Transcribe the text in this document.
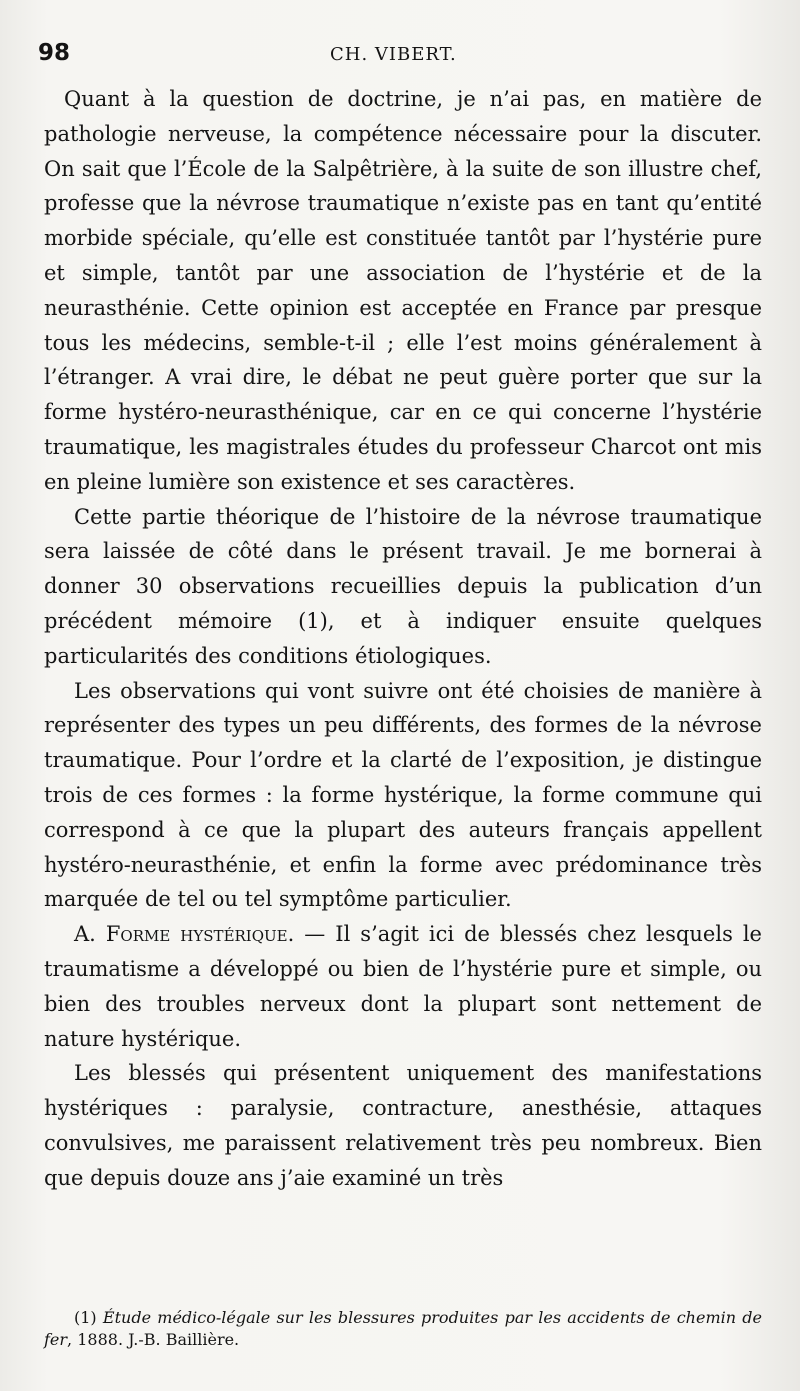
98	CH. VIBERT.

Quant à la question de doctrine, je n’ai pas, en matière de pathologie nerveuse, la compétence nécessaire pour la discuter. On sait que l’École de la Salpêtrière, à la suite de son illustre chef, professe que la névrose traumatique n’existe pas en tant qu’entité morbide spéciale, qu’elle est constituée tantôt par l’hystérie pure et simple, tantôt par une association de l’hystérie et de la neurasthénie. Cette opinion est acceptée en France par presque tous les médecins, semble-t-il ; elle l’est moins généralement à l’étranger. A vrai dire, le débat ne peut guère porter que sur la forme hystéro-neurasthénique, car en ce qui concerne l’hystérie traumatique, les magistrales études du professeur Charcot ont mis en pleine lumière son existence et ses caractères.

Cette partie théorique de l’histoire de la névrose traumatique sera laissée de côté dans le présent travail. Je me bornerai à donner 30 observations recueillies depuis la publication d’un précédent mémoire (1), et à indiquer ensuite quelques particularités des conditions étiologiques.

Les observations qui vont suivre ont été choisies de manière à représenter des types un peu différents, des formes de la névrose traumatique. Pour l’ordre et la clarté de l’exposition, je distingue trois de ces formes : la forme hystérique, la forme commune qui correspond à ce que la plupart des auteurs français appellent hystéro-neurasthénie, et enfin la forme avec prédominance très marquée de tel ou tel symptôme particulier.

A. Forme hystérique. — Il s’agit ici de blessés chez lesquels le traumatisme a développé ou bien de l’hystérie pure et simple, ou bien des troubles nerveux dont la plupart sont nettement de nature hystérique.

Les blessés qui présentent uniquement des manifestations hystériques : paralysie, contracture, anesthésie, attaques convulsives, me paraissent relativement très peu nombreux. Bien que depuis douze ans j’aie examiné un très

(1) Étude médico-légale sur les blessures produites par les accidents de chemin de fer, 1888. J.-B. Baillière.
